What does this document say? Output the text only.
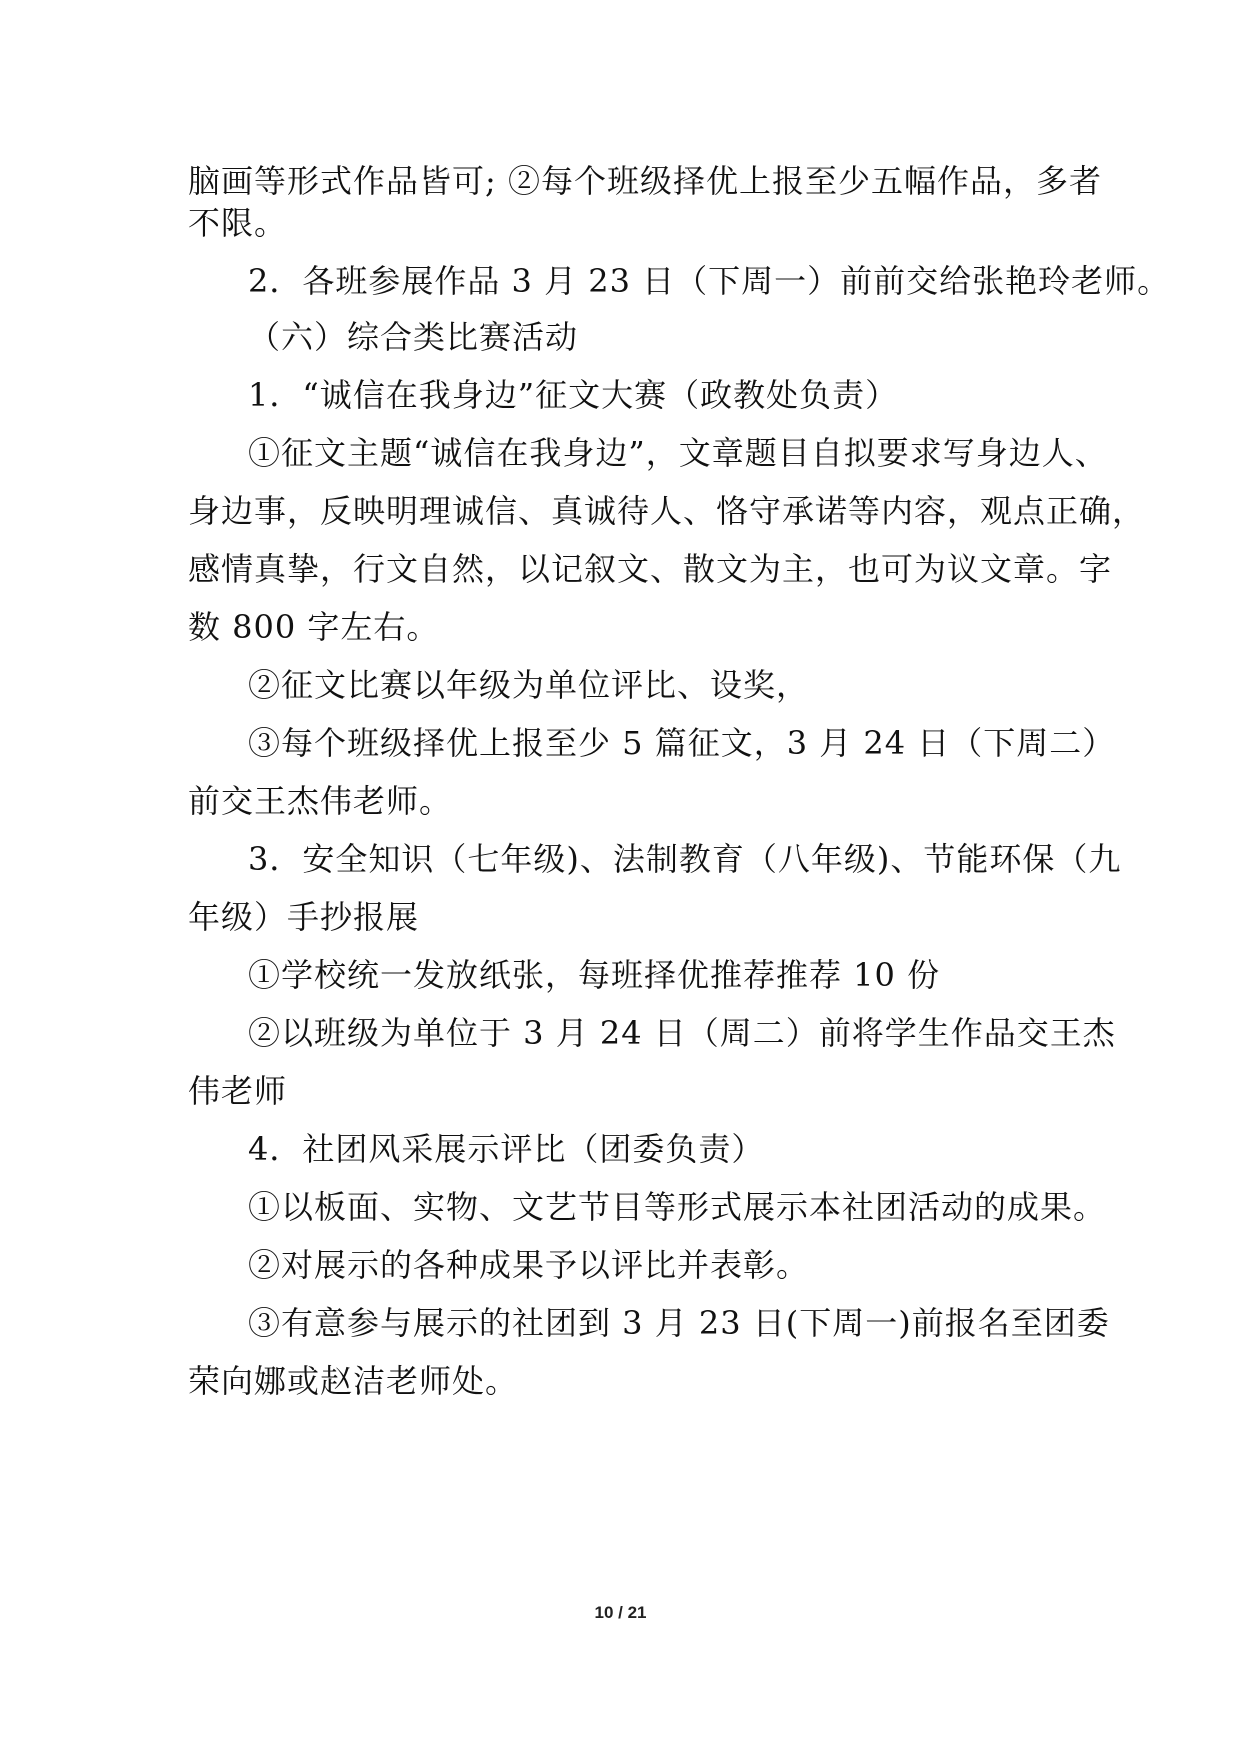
脑画等形式作品皆可; ②每个班级择优上报至少五幅作品，多者
不限。
2．各班参展作品 3 月 23 日（下周一）前前交给张艳玲老师。
（六）综合类比赛活动
1．“诚信在我身边”征文大赛（政教处负责）
①征文主题“诚信在我身边”，文章题目自拟要求写身边人、
身边事，反映明理诚信、真诚待人、恪守承诺等内容，观点正确，
感情真挚，行文自然，以记叙文、散文为主，也可为议文章。字
数 800 字左右。
②征文比赛以年级为单位评比、设奖，
③每个班级择优上报至少 5 篇征文，3 月 24 日（下周二）
前交王杰伟老师。
3．安全知识（七年级)、法制教育（八年级)、节能环保（九
年级）手抄报展
①学校统一发放纸张，每班择优推荐推荐 10 份
②以班级为单位于 3 月 24 日（周二）前将学生作品交王杰
伟老师
4．社团风采展示评比（团委负责）
①以板面、实物、文艺节目等形式展示本社团活动的成果。
②对展示的各种成果予以评比并表彰。
③有意参与展示的社团到 3 月 23 日(下周一)前报名至团委
荣向娜或赵洁老师处。
10 / 21
